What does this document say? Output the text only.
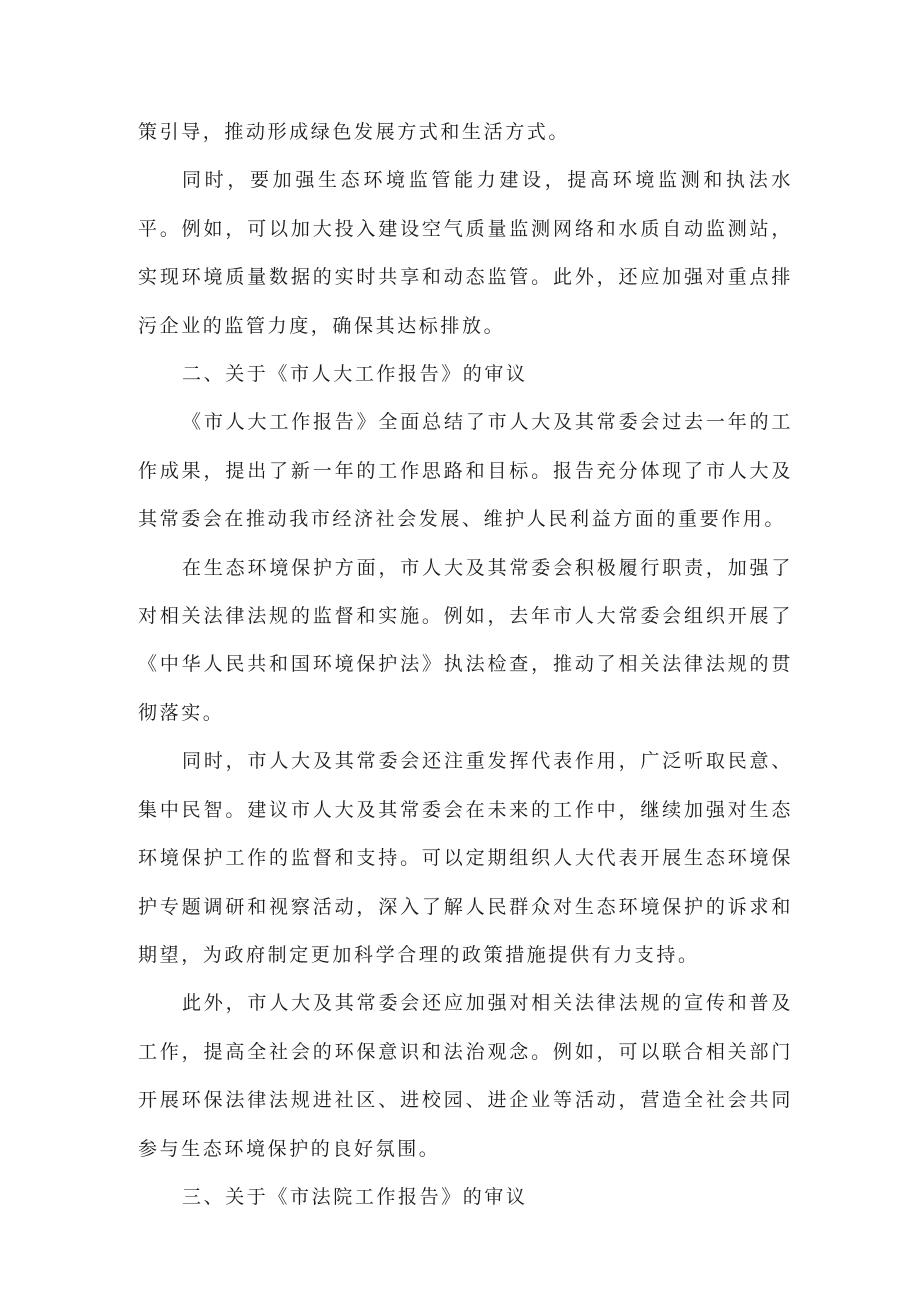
策引导，推动形成绿色发展方式和生活方式。

同时，要加强生态环境监管能力建设，提高环境监测和执法水平。例如，可以加大投入建设空气质量监测网络和水质自动监测站，实现环境质量数据的实时共享和动态监管。此外，还应加强对重点排污企业的监管力度，确保其达标排放。

二、关于《市人大工作报告》的审议

《市人大工作报告》全面总结了市人大及其常委会过去一年的工作成果，提出了新一年的工作思路和目标。报告充分体现了市人大及其常委会在推动我市经济社会发展、维护人民利益方面的重要作用。

在生态环境保护方面，市人大及其常委会积极履行职责，加强了对相关法律法规的监督和实施。例如，去年市人大常委会组织开展了《中华人民共和国环境保护法》执法检查，推动了相关法律法规的贯彻落实。

同时，市人大及其常委会还注重发挥代表作用，广泛听取民意、集中民智。建议市人大及其常委会在未来的工作中，继续加强对生态环境保护工作的监督和支持。可以定期组织人大代表开展生态环境保护专题调研和视察活动，深入了解人民群众对生态环境保护的诉求和期望，为政府制定更加科学合理的政策措施提供有力支持。

此外，市人大及其常委会还应加强对相关法律法规的宣传和普及工作，提高全社会的环保意识和法治观念。例如，可以联合相关部门开展环保法律法规进社区、进校园、进企业等活动，营造全社会共同参与生态环境保护的良好氛围。

三、关于《市法院工作报告》的审议
